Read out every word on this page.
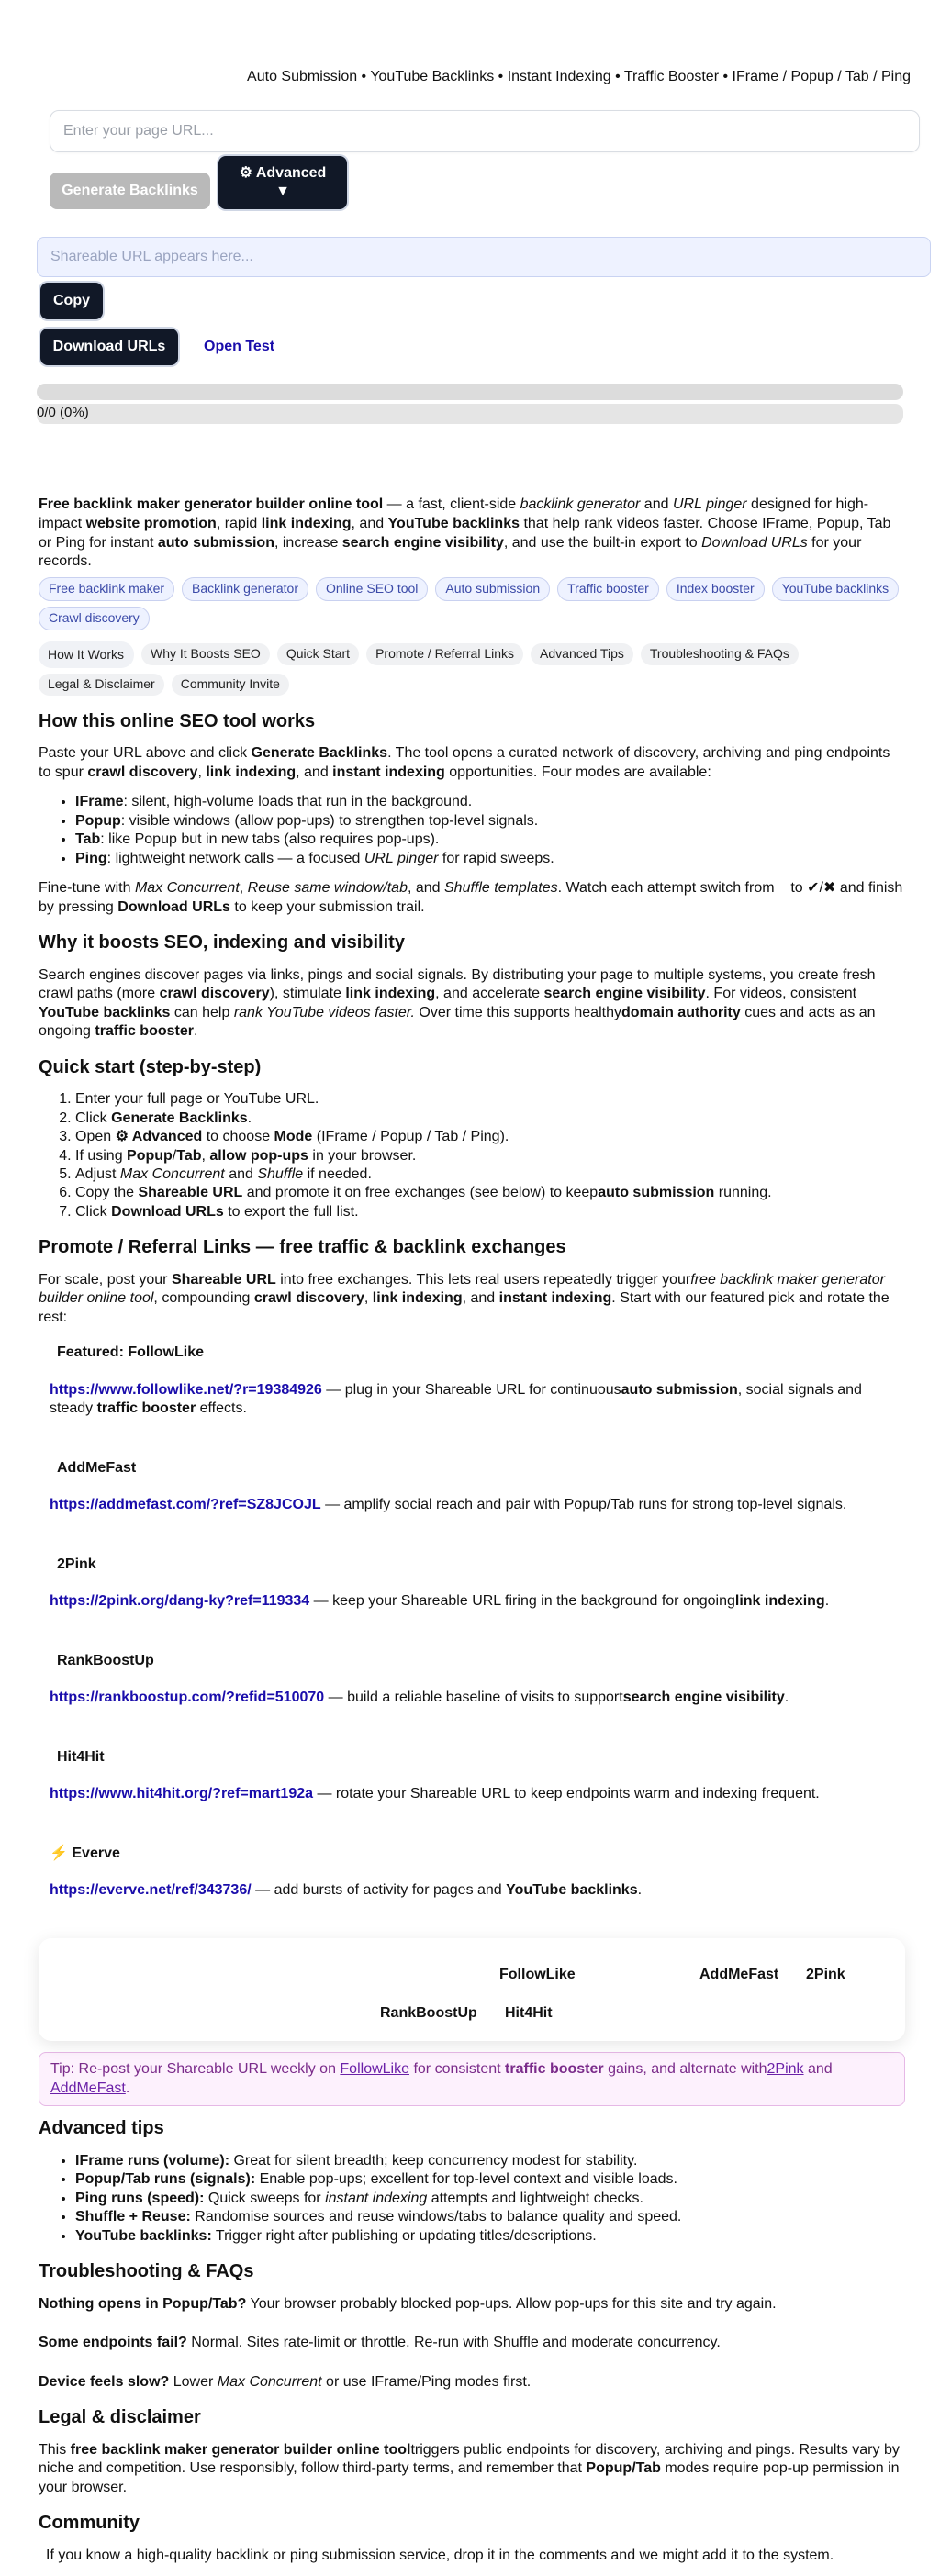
Auto Submission • YouTube Backlinks • Instant Indexing • Traffic Booster • IFrame / Popup / Tab / Ping
Enter your page URL...
Generate Backlinks
⚙ Advanced
▼
Shareable URL appears here...
Copy
Download URLs	Open Test
0/0 (0%)

Free backlink maker generator builder online tool — a fast, client-side backlink generator and URL pinger designed for high-impact website promotion, rapid link indexing, and YouTube backlinks that help rank videos faster. Choose IFrame, Popup, Tab or Ping for instant auto submission, increase search engine visibility, and use the built-in export to Download URLs for your records.

Free backlink maker	Backlink generator	Online SEO tool	Auto submission	Traffic booster	Index booster	YouTube backlinks
Crawl discovery
How It Works	Why It Boosts SEO	Quick Start	Promote / Referral Links	Advanced Tips	Troubleshooting & FAQs
Legal & Disclaimer	Community Invite
How this online SEO tool works

Paste your URL above and click Generate Backlinks. The tool opens a curated network of discovery, archiving and ping endpoints to spur crawl discovery, link indexing, and instant indexing opportunities. Four modes are available:

• IFrame: silent, high-volume loads that run in the background.
• Popup: visible windows (allow pop-ups) to strengthen top-level signals.
• Tab: like Popup but in new tabs (also requires pop-ups).
• Ping: lightweight network calls — a focused URL pinger for rapid sweeps.

Fine-tune with Max Concurrent, Reuse same window/tab, and Shuffle templates. Watch each attempt switch from    to ✔/✖ and finish by pressing Download URLs to keep your submission trail.

Why it boosts SEO, indexing and visibility

Search engines discover pages via links, pings and social signals. By distributing your page to multiple systems, you create fresh crawl paths (more crawl discovery), stimulate link indexing, and accelerate search engine visibility. For videos, consistent YouTube backlinks can help rank YouTube videos faster. Over time this supports healthydomain authority cues and acts as an ongoing traffic booster.

Quick start (step-by-step)
1. Enter your full page or YouTube URL.
2. Click Generate Backlinks.
3. Open ⚙ Advanced to choose Mode (IFrame / Popup / Tab / Ping).
4. If using Popup/Tab, allow pop-ups in your browser.
5. Adjust Max Concurrent and Shuffle if needed.
6. Copy the Shareable URL and promote it on free exchanges (see below) to keepauto submission running.
7. Click Download URLs to export the full list.
Promote / Referral Links — free traffic & backlink exchanges

For scale, post your Shareable URL into free exchanges. This lets real users repeatedly trigger yourfree backlink maker generator builder online tool, compounding crawl discovery, link indexing, and instant indexing. Start with our featured pick and rotate the rest:

Featured: FollowLike

https://www.followlike.net/?r=19384926 — plug in your Shareable URL for continuousauto submission, social signals and steady traffic booster effects.

AddMeFast

https://addmefast.com/?ref=SZ8JCOJL — amplify social reach and pair with Popup/Tab runs for strong top-level signals.

2Pink

https://2pink.org/dang-ky?ref=119334 — keep your Shareable URL firing in the background for ongoinglink indexing.

RankBoostUp

https://rankboostup.com/?refid=510070 — build a reliable baseline of visits to supportsearch engine visibility.

Hit4Hit

https://www.hit4hit.org/?ref=mart192a — rotate your Shareable URL to keep endpoints warm and indexing frequent.

⚡ Everve

https://everve.net/ref/343736/ — add bursts of activity for pages and YouTube backlinks.

FollowLike	AddMeFast 2Pink
RankBoostUp Hit4Hit
Tip: Re-post your Shareable URL weekly on FollowLike for consistent traffic booster gains, and alternate with2Pink and AddMeFast.
Advanced tips
• IFrame runs (volume): Great for silent breadth; keep concurrency modest for stability.
• Popup/Tab runs (signals): Enable pop-ups; excellent for top-level context and visible loads.
• Ping runs (speed): Quick sweeps for instant indexing attempts and lightweight checks.
• Shuffle + Reuse: Randomise sources and reuse windows/tabs to balance quality and speed.
• YouTube backlinks: Trigger right after publishing or updating titles/descriptions.
Troubleshooting & FAQs

Nothing opens in Popup/Tab? Your browser probably blocked pop-ups. Allow pop-ups for this site and try again.

Some endpoints fail? Normal. Sites rate-limit or throttle. Re-run with Shuffle and moderate concurrency.

Device feels slow? Lower Max Concurrent or use IFrame/Ping modes first.

Legal & disclaimer

This free backlink maker generator builder online tooltriggers public endpoints for discovery, archiving and pings. Results vary by niche and competition. Use responsibly, follow third-party terms, and remember that Popup/Tab modes require pop-up permission in your browser.

Community

If you know a high-quality backlink or ping submission service, drop it in the comments and we might add it to the system.
